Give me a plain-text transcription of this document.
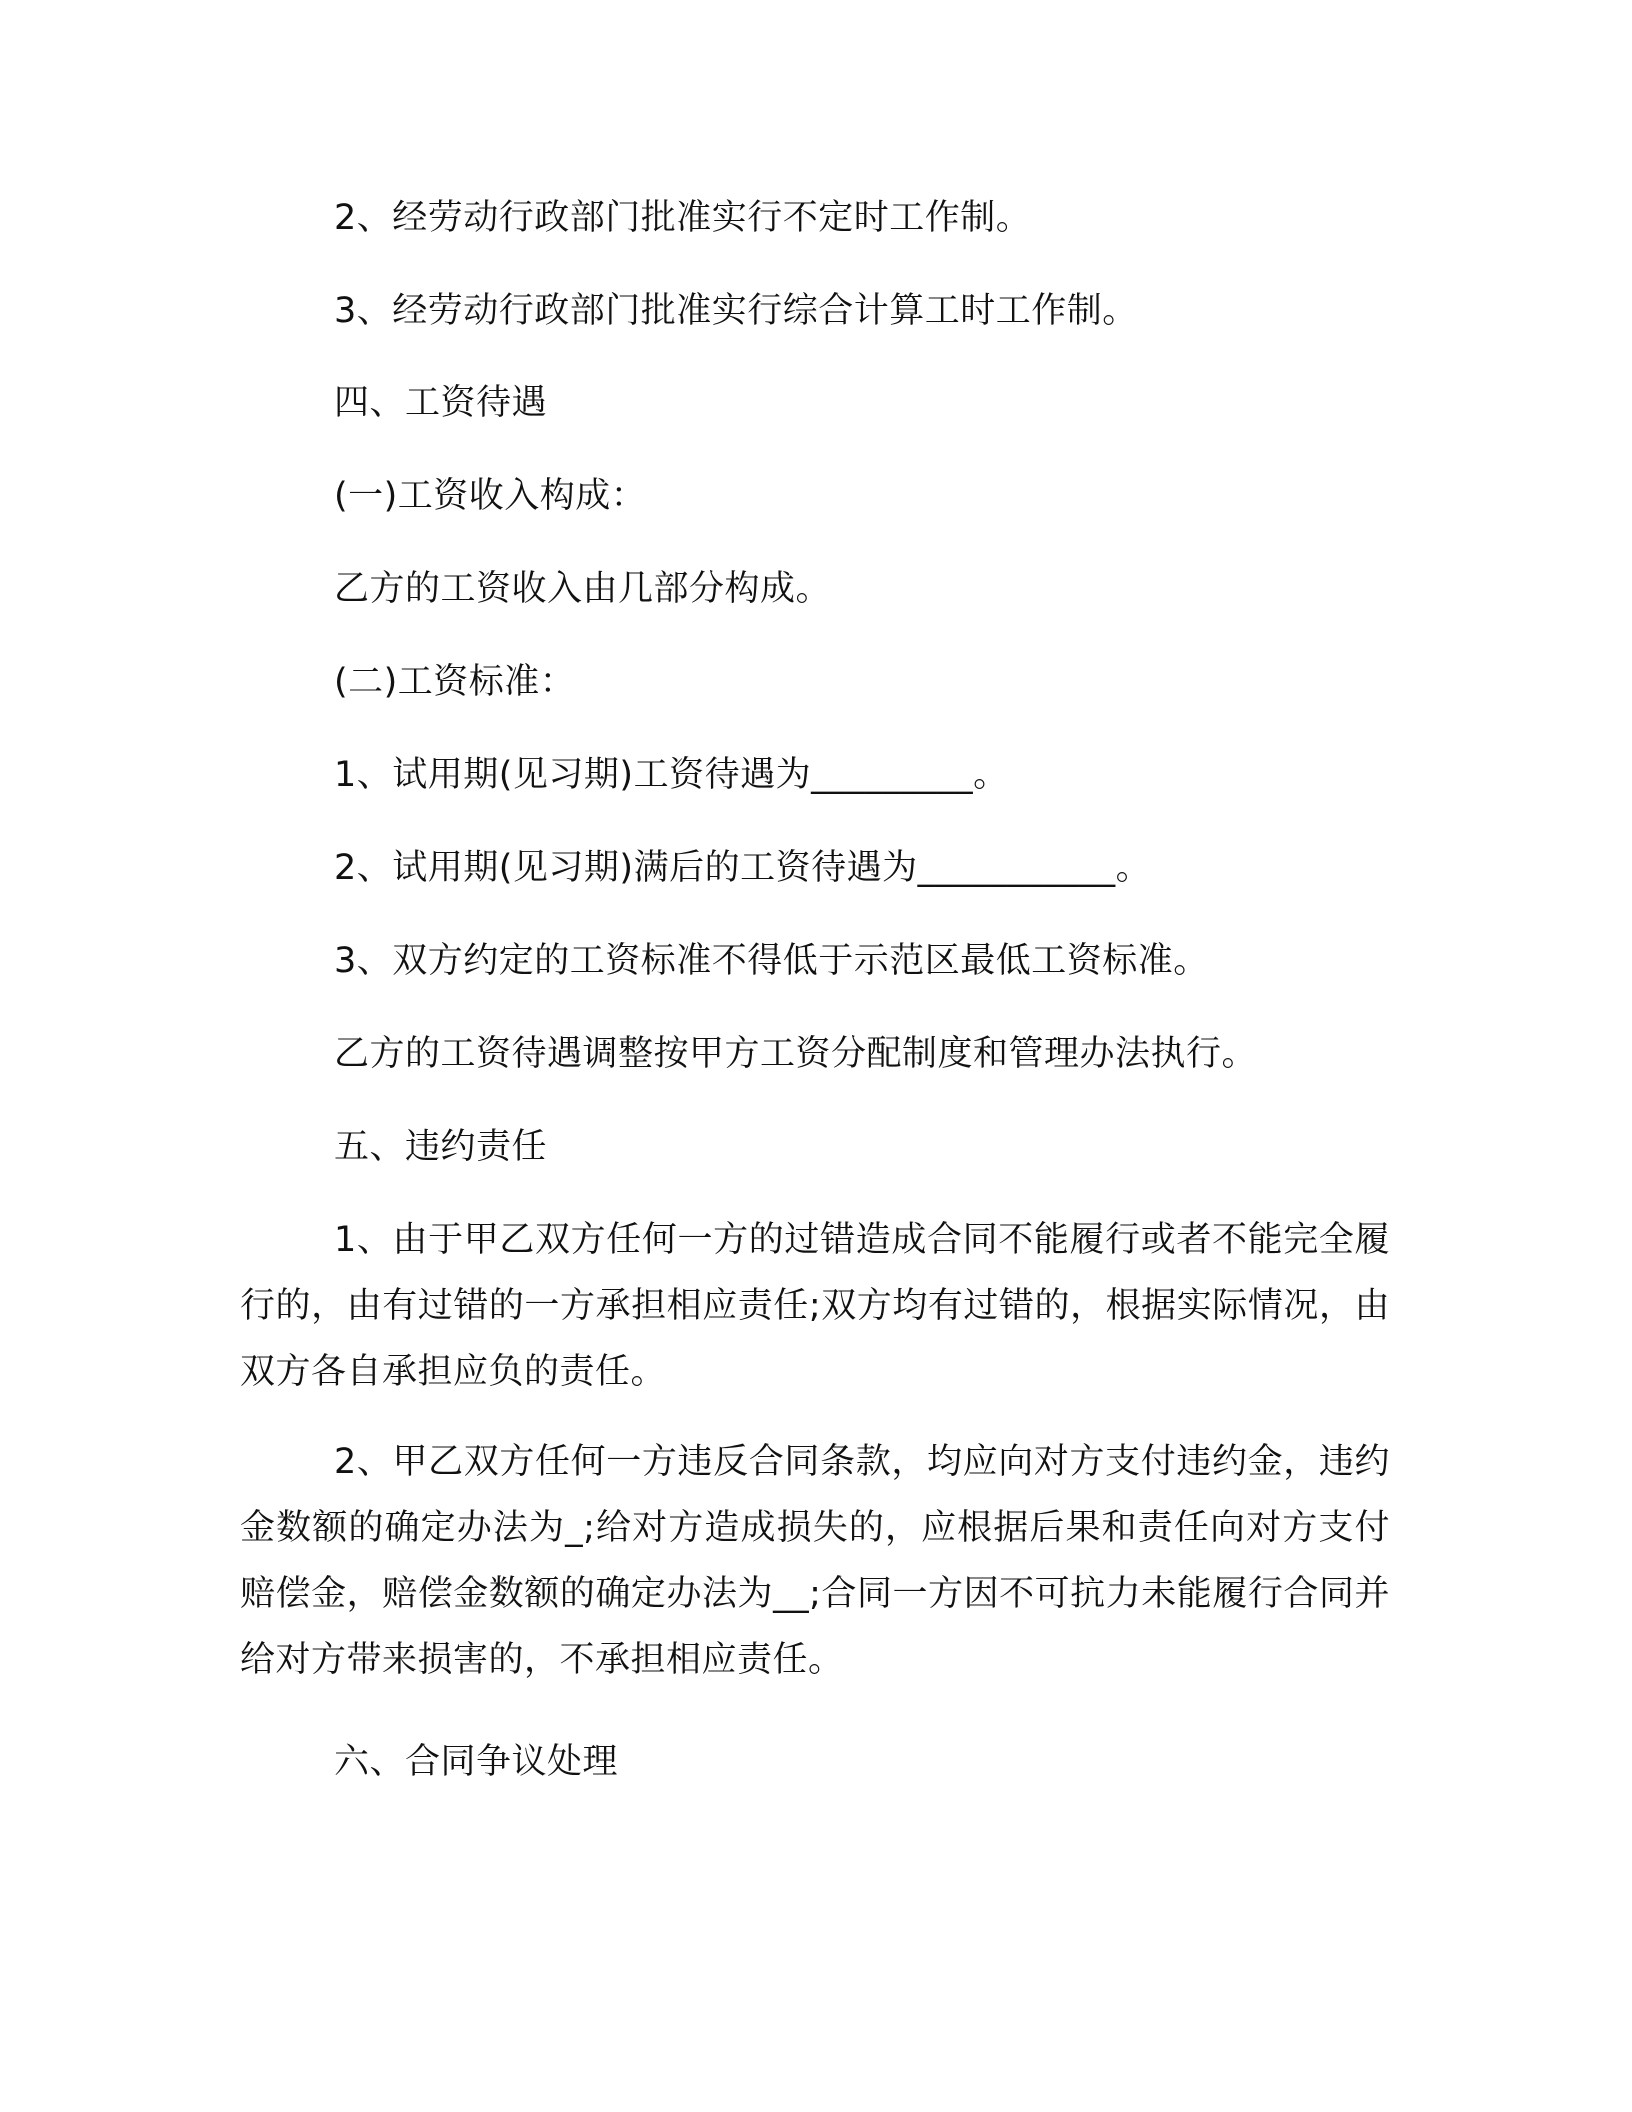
2、经劳动行政部门批准实行不定时工作制。
3、经劳动行政部门批准实行综合计算工时工作制。
四、工资待遇
(一)工资收入构成：
乙方的工资收入由几部分构成。
(二)工资标准：
1、试用期(见习期)工资待遇为_________。
2、试用期(见习期)满后的工资待遇为___________。
3、双方约定的工资标准不得低于示范区最低工资标准。
乙方的工资待遇调整按甲方工资分配制度和管理办法执行。
五、违约责任
1、由于甲乙双方任何一方的过错造成合同不能履行或者不能完全履行的，由有过错的一方承担相应责任;双方均有过错的，根据实际情况，由双方各自承担应负的责任。
2、甲乙双方任何一方违反合同条款，均应向对方支付违约金，违约金数额的确定办法为_;给对方造成损失的，应根据后果和责任向对方支付赔偿金，赔偿金数额的确定办法为__;合同一方因不可抗力未能履行合同并给对方带来损害的，不承担相应责任。
六、合同争议处理
